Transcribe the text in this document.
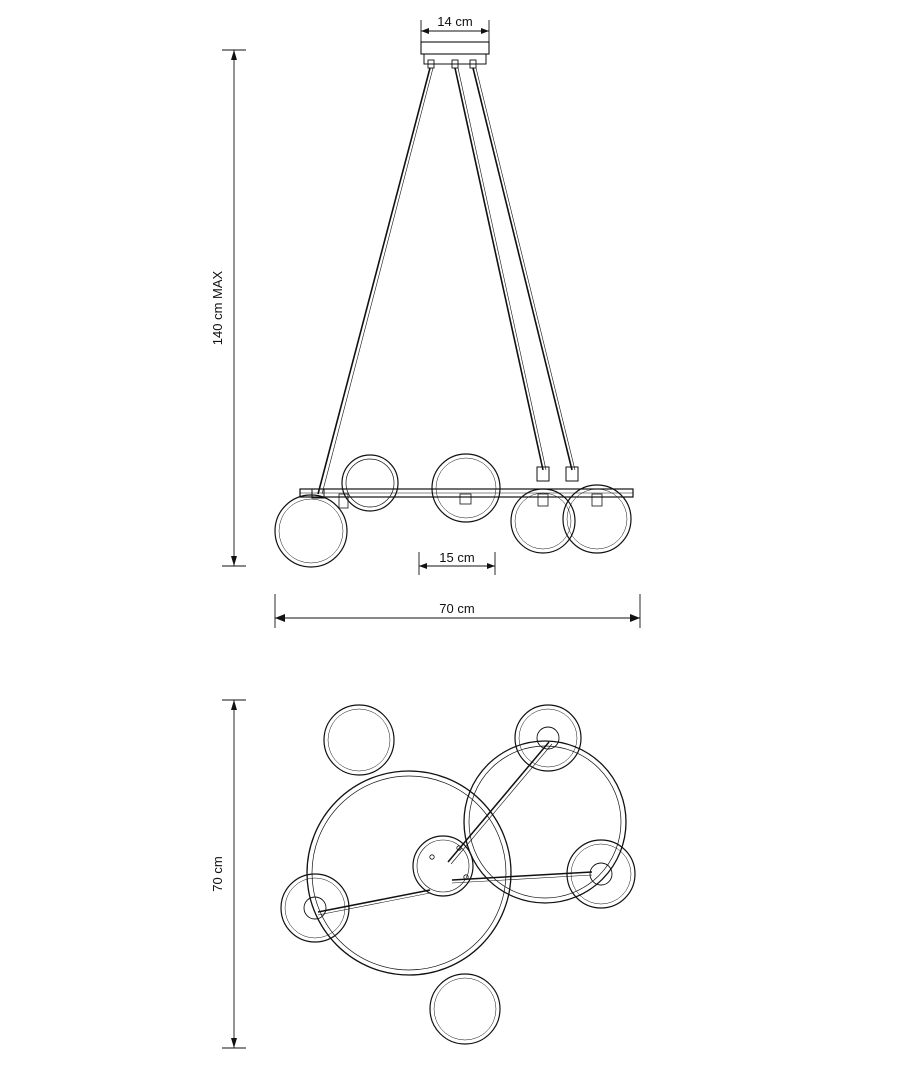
14 cm
140 cm MAX
15 cm
70 cm
70 cm
